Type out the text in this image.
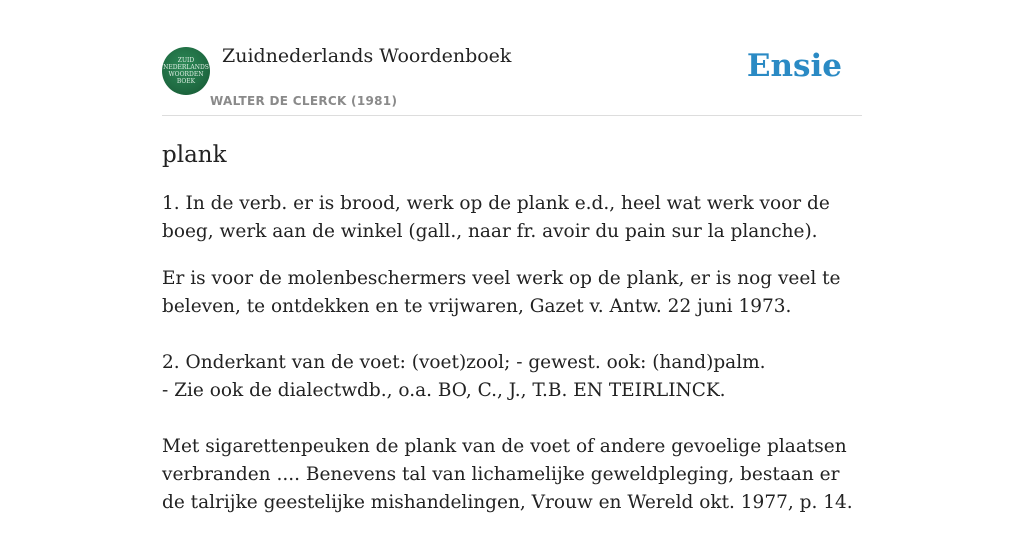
ZUID
NEDERLANDS
WOORDEN
BOEK
Zuidnederlands Woordenboek
WALTER DE CLERCK (1981)
Ensie
plank

1. In de verb. er is brood, werk op de plank e.d., heel wat werk voor de boeg, werk aan de winkel (gall., naar fr. avoir du pain sur la planche).

Er is voor de molenbeschermers veel werk op de plank, er is nog veel te beleven, te ontdekken en te vrijwaren, Gazet v. Antw. 22 juni 1973.

2. Onderkant van de voet: (voet)zool; - gewest. ook: (hand)palm.
- Zie ook de dialectwdb., o.a. BO, C., J., T.B. EN TEIRLINCK.

Met sigarettenpeuken de plank van de voet of andere gevoelige plaatsen verbranden .... Benevens tal van lichamelijke geweldpleging, bestaan er de talrijke geestelijke mishandelingen, Vrouw en Wereld okt. 1977, p. 14.
